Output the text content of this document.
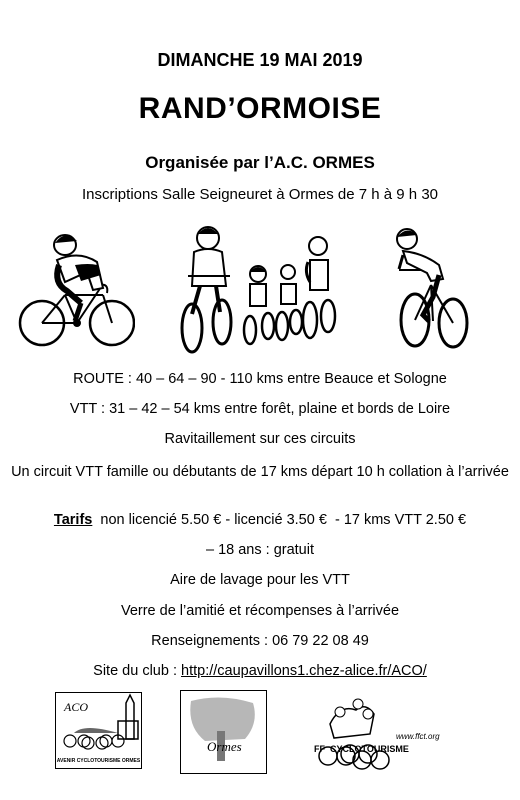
DIMANCHE 19 MAI 2019
RAND’ORMOISE
Organisée par l’A.C. ORMES
Inscriptions Salle Seigneuret à Ormes de 7 h à 9 h 30
ROUTE : 40 – 64 – 90 - 110 kms entre Beauce et Sologne
VTT : 31 – 42 – 54 kms entre forêt, plaine et bords de Loire
Ravitaillement sur ces circuits
Un circuit VTT famille ou débutants de 17 kms départ 10 h collation à l’arrivée
Tarifs  non licencié 5.50 € - licencié 3.50 €  - 17 kms VTT 2.50 €
– 18 ans : gratuit
Aire de lavage pour les VTT
Verre de l’amitié et récompenses à l’arrivée
Renseignements : 06 79 22 08 49
Site du club : http://caupavillons1.chez-alice.fr/ACO/
ACO
AVENIR CYCLOTOURISME ORMES
Ormes
www.ffct.org
FF  CYCLOTOURISME
